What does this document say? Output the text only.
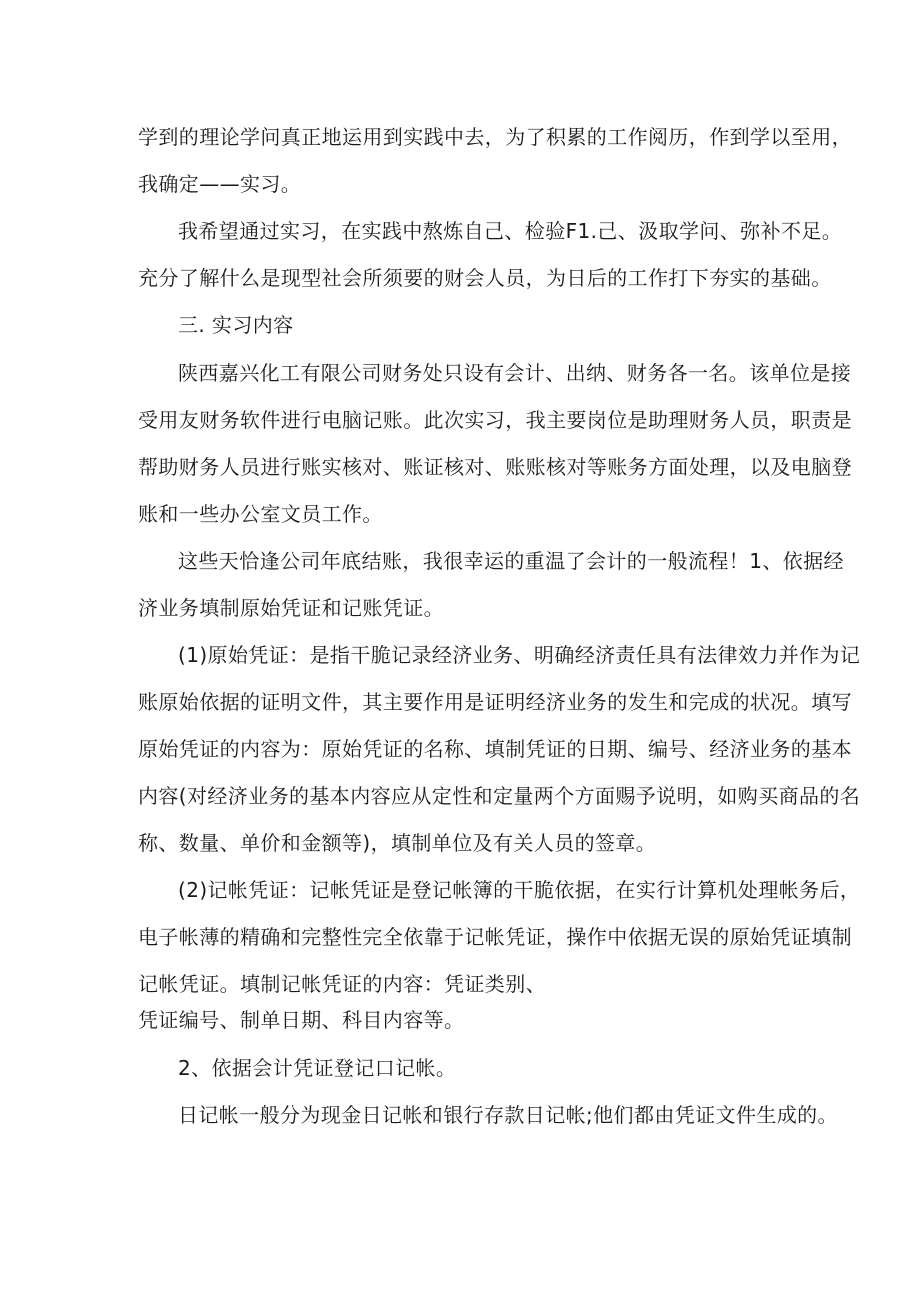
学到的理论学问真正地运用到实践中去，为了积累的工作阅历，作到学以至用，
我确定——实习。
我希望通过实习，在实践中熬炼自己、检验F1.己、汲取学问、弥补不足。
充分了解什么是现型社会所须要的财会人员，为日后的工作打下夯实的基础。
三. 实习内容
陕西嘉兴化工有限公司财务处只设有会计、出纳、财务各一名。该单位是接
受用友财务软件进行电脑记账。此次实习，我主要岗位是助理财务人员，职责是
帮助财务人员进行账实核对、账证核对、账账核对等账务方面处理，以及电脑登
账和一些办公室文员工作。
这些天恰逢公司年底结账，我很幸运的重温了会计的一般流程！1、依据经
济业务填制原始凭证和记账凭证。
(1)原始凭证：是指干脆记录经济业务、明确经济责任具有法律效力并作为记
账原始依据的证明文件，其主要作用是证明经济业务的发生和完成的状况。填写
原始凭证的内容为：原始凭证的名称、填制凭证的日期、编号、经济业务的基本
内容(对经济业务的基本内容应从定性和定量两个方面赐予说明，如购买商品的名
称、数量、单价和金额等)，填制单位及有关人员的签章。
(2)记帐凭证：记帐凭证是登记帐簿的干脆依据，在实行计算机处理帐务后，
电子帐薄的精确和完整性完全依靠于记帐凭证，操作中依据无误的原始凭证填制
记帐凭证。填制记帐凭证的内容：凭证类别、
凭证编号、制单日期、科目内容等。
2、依据会计凭证登记口记帐。
日记帐一般分为现金日记帐和银行存款日记帐;他们都由凭证文件生成的。
